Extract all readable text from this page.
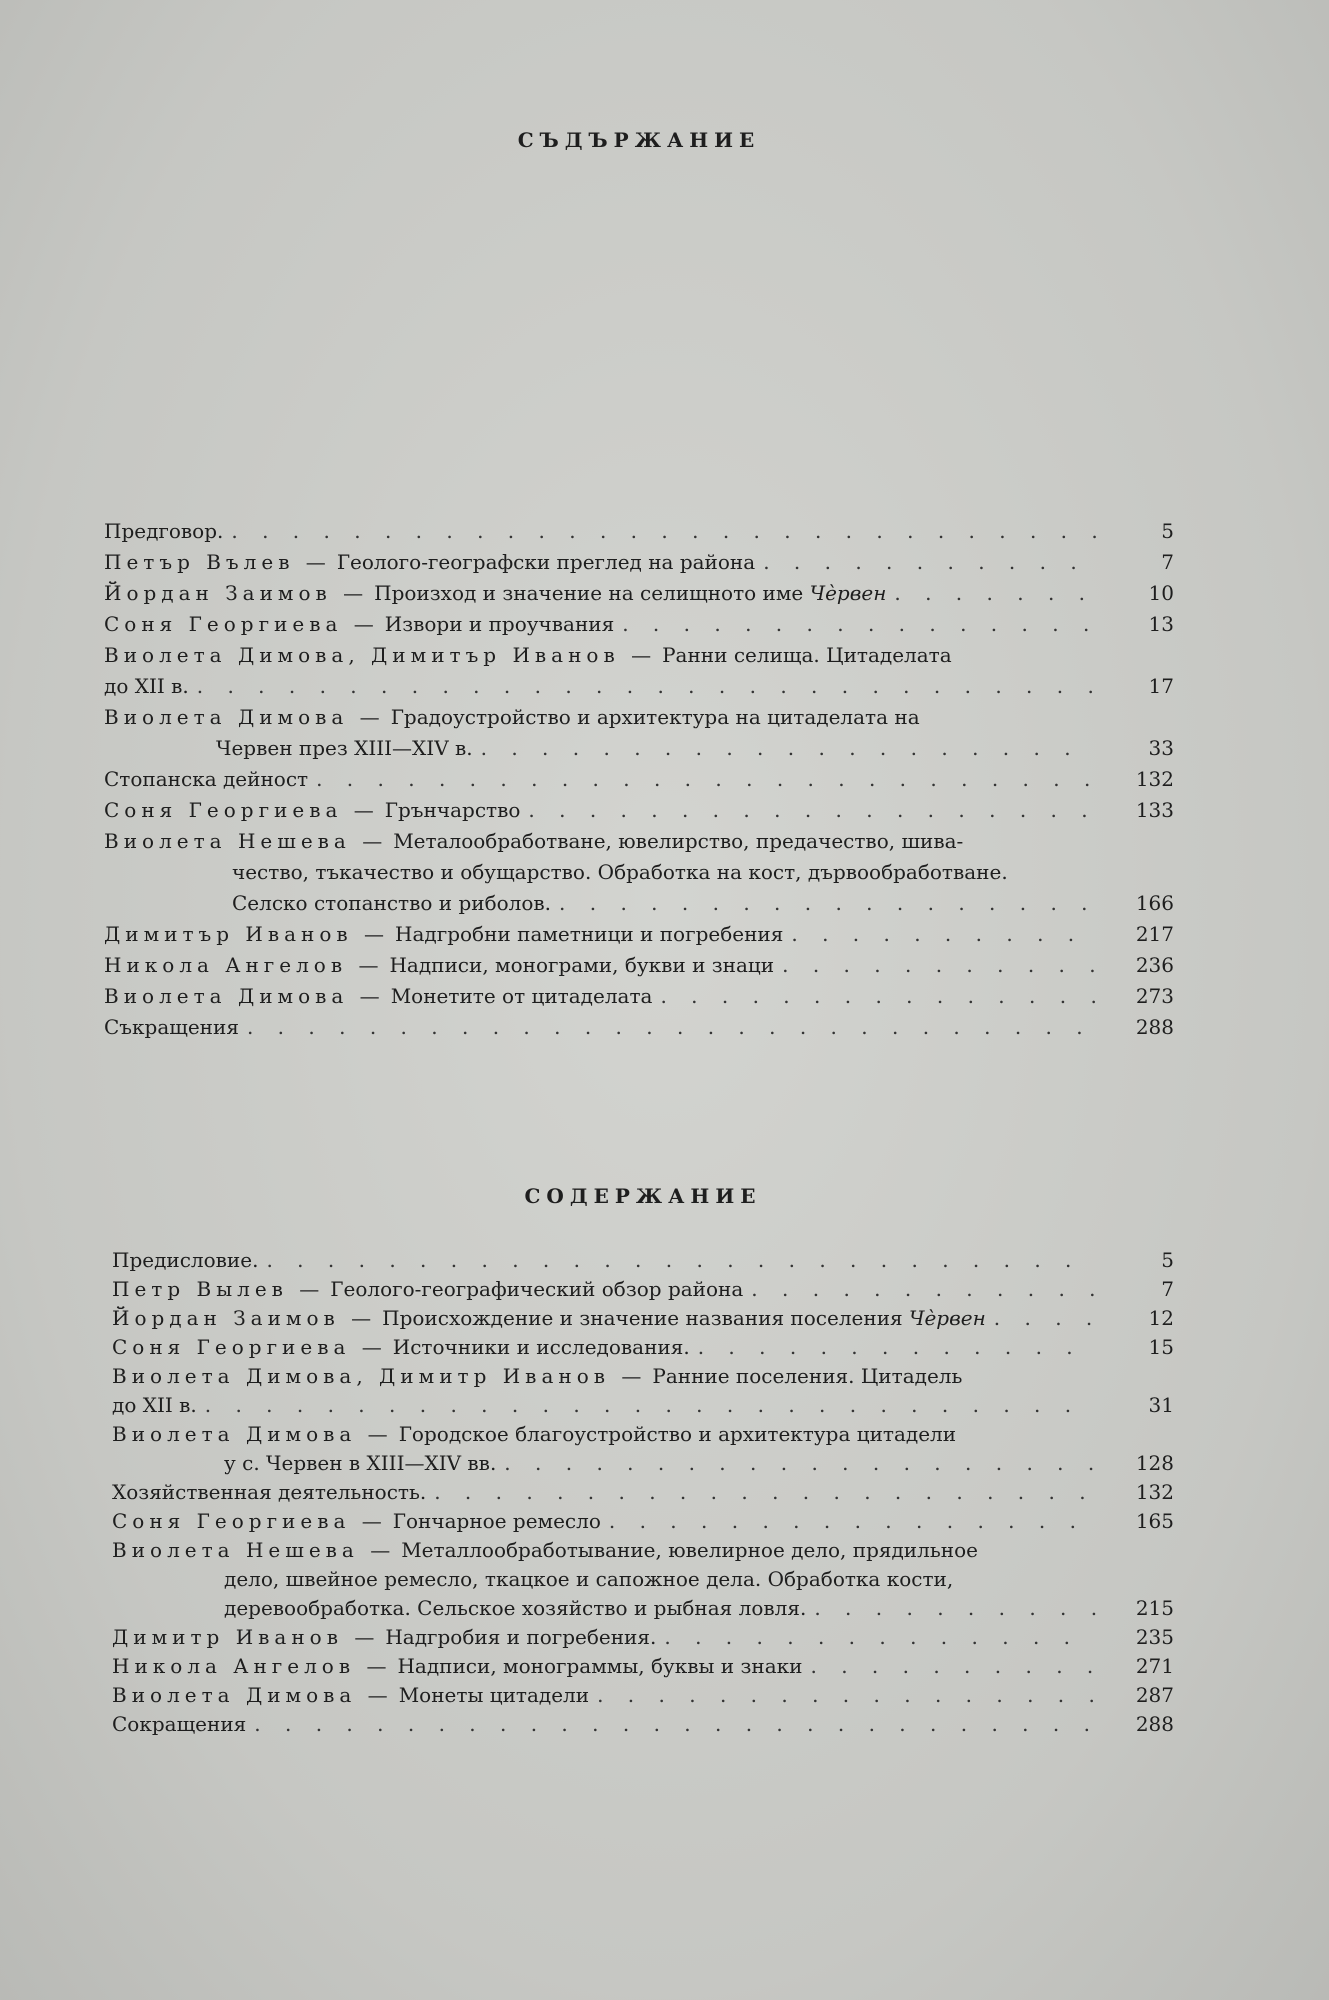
СЪДЪРЖАНИЕ
Предговор. . . .	5
Петър Вълев — Геолого-географски преглед на района . . .	7
Йордан Заимов — Произход и значение на селищното име Чѐрвен . . .	10
Соня Георгиева — Извори и проучвания . . .	13
Виолета Димова, Димитър Иванов — Ранни селища. Цитаделата
до XII в. . . .	17
Виолета Димова — Градоустройство и архитектура на цитаделата на
Червен през XIII—XIV в. . . .	33
Стопанска дейност . . .	132
Соня Георгиева — Грънчарство . . .	133
Виолета Нешева — Металообработване, ювелирство, предачество, шива-
чество, тъкачество и обущарство. Обработка на кост, дървообработване.
Селско стопанство и риболов. . . .	166
Димитър Иванов — Надгробни паметници и погребения . . .	217
Никола Ангелов — Надписи, монограми, букви и знаци . . .	236
Виолета Димова — Монетите от цитаделата . . .	273
Съкращения . . .	288
СОДЕРЖАНИЕ
Предисловие. . . .	5
Петр Вылев — Геолого-географический обзор района . . .	7
Йордан Заимов — Происхождение и значение названия поселения Чѐрвен . . .	12
Соня Георгиева — Источники и исследования. . . .	15
Виолета Димова, Димитр Иванов — Ранние поселения. Цитадель
до XII в. . . .	31
Виолета Димова — Городское благоустройство и архитектура цитадели
у с. Червен в XIII—XIV вв. . . .	128
Хозяйственная деятельность. . . .	132
Соня Георгиева — Гончарное ремесло . . .	165
Виолета Нешева — Металлообработывание, ювелирное дело, прядильное
дело, швейное ремесло, ткацкое и сапожное дела. Обработка кости,
деревообработка. Сельское хозяйство и рыбная ловля. . . .	215
Димитр Иванов — Надгробия и погребения. . . .	235
Никола Ангелов — Надписи, монограммы, буквы и знаки . . .	271
Виолета Димова — Монеты цитадели . . .	287
Сокращения . . .	288
